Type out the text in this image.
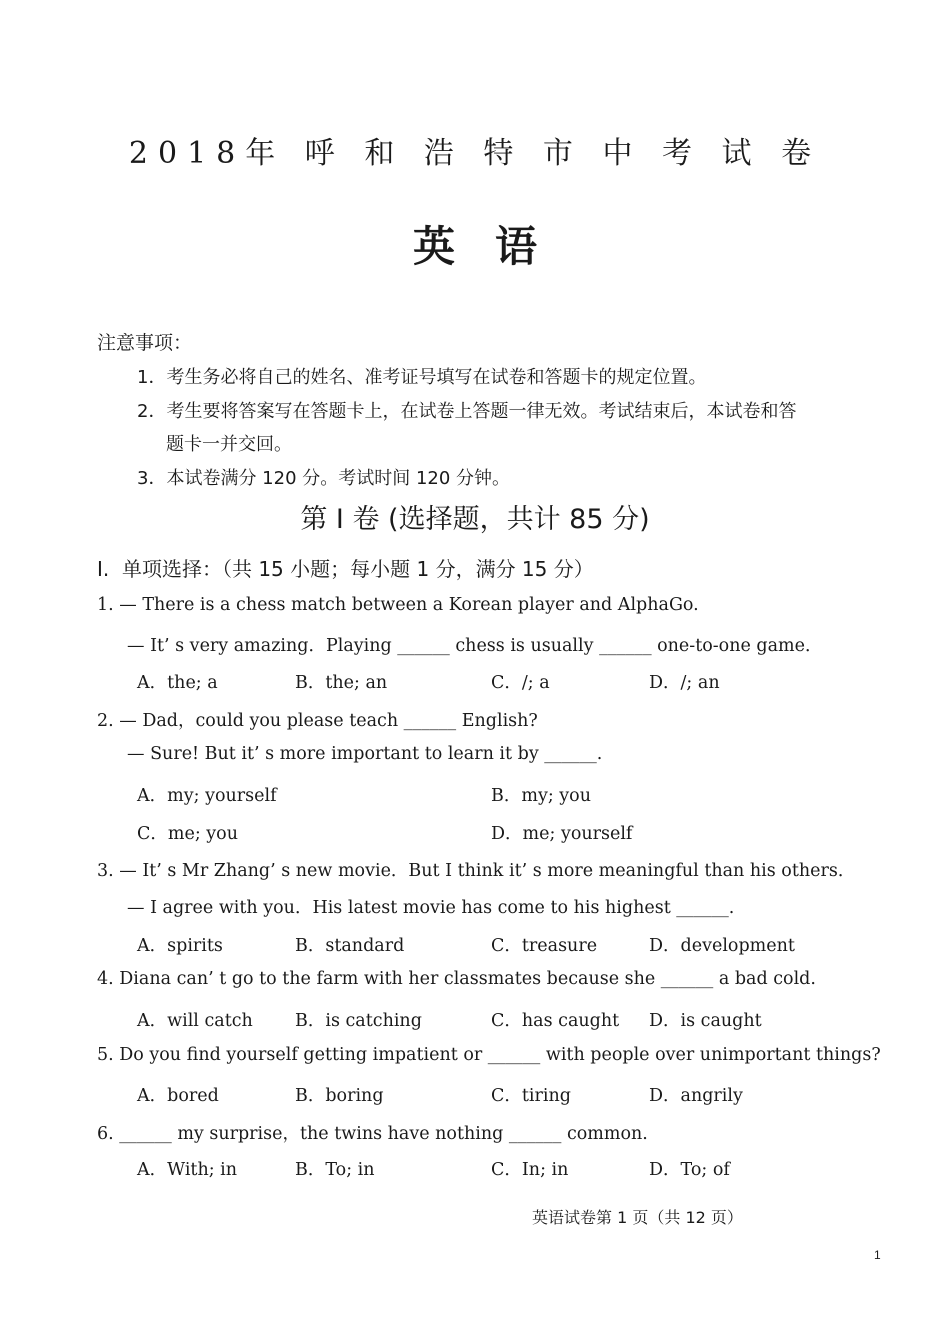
2018年 呼 和 浩 特 市 中 考 试 卷
英语
注意事项：
1．考生务必将自己的姓名、准考证号填写在试卷和答题卡的规定位置。
2．考生要将答案写在答题卡上，在试卷上答题一律无效。考试结束后，本试卷和答
题卡一并交回。
3．本试卷满分 120 分。考试时间 120 分钟。
第 I 卷 (选择题，共计 85 分)
I.  单项选择：（共 15 小题；每小题 1 分，满分 15 分）
1. — There is a chess match between a Korean player and AlphaGo.
— It’ s very amazing．Playing ______ chess is usually ______ one-to-one game．
A．the; a	B．the; an	C．/; a	D．/; an
2. — Dad，could you please teach ______ English?
— Sure! But it’ s more important to learn it by ______.
A．my; yourself	B．my; you
C．me; you	D．me; yourself
3. — It’ s Mr Zhang’ s new movie．But I think it’ s more meaningful than his others．
— I agree with you．His latest movie has come to his highest ______.
A．spirits	B．standard	C．treasure	D．development
4. Diana can’ t go to the farm with her classmates because she ______ a bad cold.
A．will catch B．is catching	C．has caught D．is caught
5. Do you find yourself getting impatient or ______ with people over unimportant things?
A．bored	B．boring	C．tiring	D．angrily
6. ______ my surprise，the twins have nothing ______ common.
A．With; in	B．To; in	C．In; in	D．To; of
英语试卷第 1 页（共 12 页）
1
